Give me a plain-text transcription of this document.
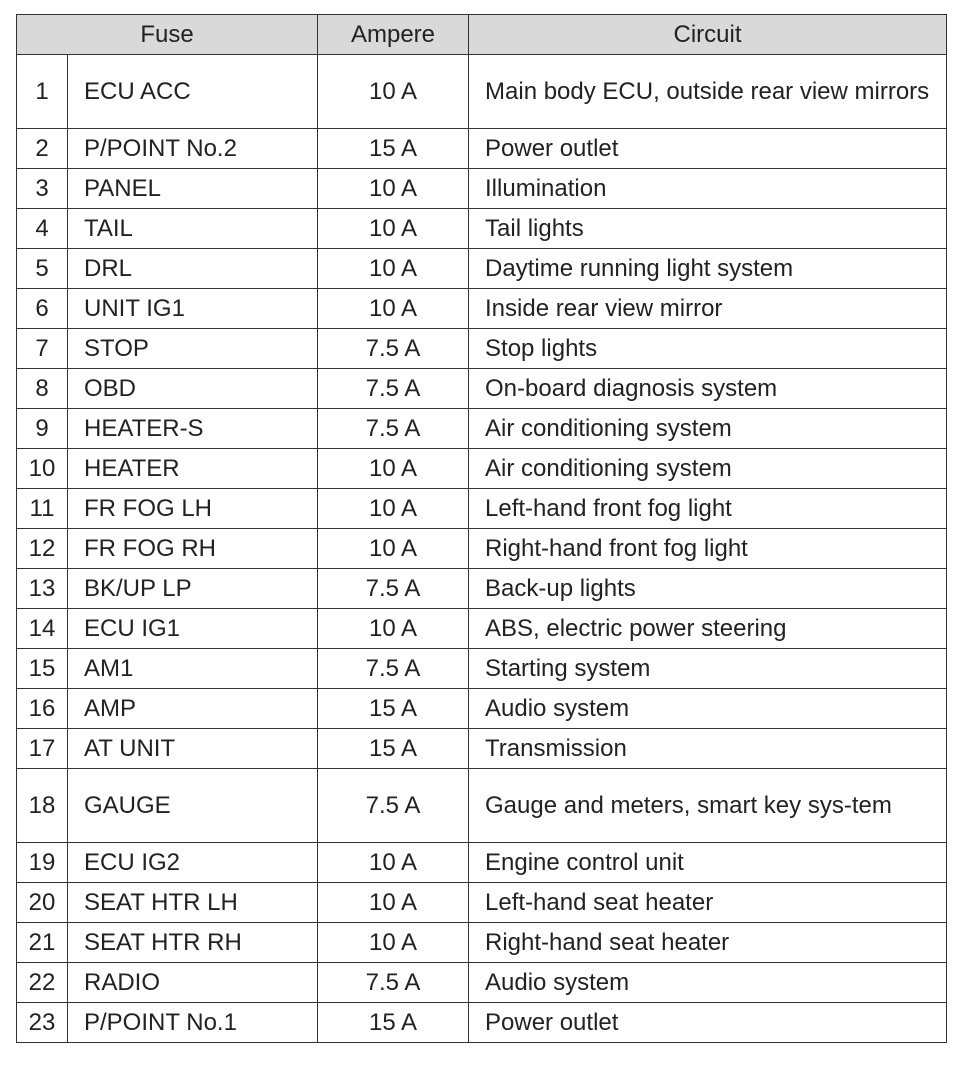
Fuse		Ampere	Circuit
1	ECU ACC	10 A	Main body ECU, outside rear view mirrors
2	P/POINT No.2	15 A	Power outlet
3	PANEL	10 A	Illumination
4	TAIL	10 A	Tail lights
5	DRL	10 A	Daytime running light system
6	UNIT IG1	10 A	Inside rear view mirror
7	STOP	7.5 A	Stop lights
8	OBD	7.5 A	On-board diagnosis system
9	HEATER-S	7.5 A	Air conditioning system
10	HEATER	10 A	Air conditioning system
11	FR FOG LH	10 A	Left-hand front fog light
12	FR FOG RH	10 A	Right-hand front fog light
13	BK/UP LP	7.5 A	Back-up lights
14	ECU IG1	10 A	ABS, electric power steering
15	AM1	7.5 A	Starting system
16	AMP	15 A	Audio system
17	AT UNIT	15 A	Transmission
18	GAUGE	7.5 A	Gauge and meters, smart key sys-tem
19	ECU IG2	10 A	Engine control unit
20	SEAT HTR LH	10 A	Left-hand seat heater
21	SEAT HTR RH	10 A	Right-hand seat heater
22	RADIO	7.5 A	Audio system
23	P/POINT No.1	15 A	Power outlet
